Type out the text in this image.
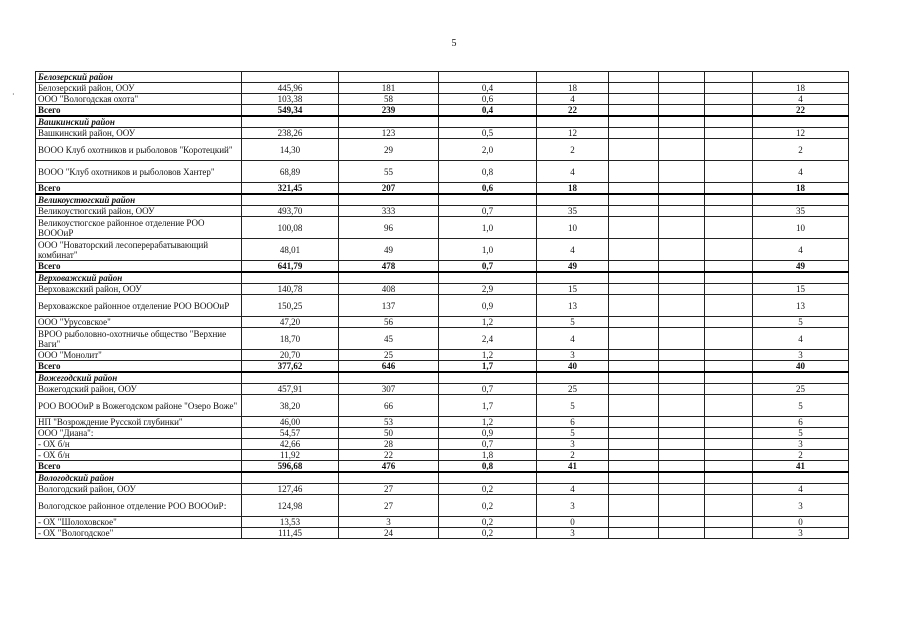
5
·
Белозерский район								
Белозерский район, ООУ	445,96	181	0,4	18				18
ООО "Вологодская охота"	103,38	58	0,6	4				4
Всего	549,34	239	0,4	22				22
Вашкинский район								
Вашкинский район, ООУ	238,26	123	0,5	12				12
ВООО Клуб охотников и рыболовов "Коротецкий"	14,30	29	2,0	2				2
ВООО "Клуб охотников и рыболовов Хантер"	68,89	55	0,8	4				4
Всего	321,45	207	0,6	18				18
Великоустюгский район								
Великоустюгский район, ООУ	493,70	333	0,7	35				35
Великоустюгское районное отделение РОО ВОООиР	100,08	96	1,0	10				10
ООО "Новаторский лесоперерабатывающий комбинат"	48,01	49	1,0	4				4
Всего	641,79	478	0,7	49				49
Верховажский район								
Верховажский район, ООУ	140,78	408	2,9	15				15
Верховажское районное отделение РОО ВОООиР	150,25	137	0,9	13				13
ООО "Урусовское"	47,20	56	1,2	5				5
ВРОО рыболовно-охотничье общество "Верхние Ваги"	18,70	45	2,4	4				4
ООО "Монолит"	20,70	25	1,2	3				3
Всего	377,62	646	1,7	40				40
Вожегодский район								
Вожегодский район, ООУ	457,91	307	0,7	25				25
РОО ВОООиР в Вожегодском районе "Озеро Воже"	38,20	66	1,7	5				5
НП "Возрождение Русской глубинки"	46,00	53	1,2	6				6
ООО "Диана":	54,57	50	0,9	5				5
- ОХ б/н	42,66	28	0,7	3				3
- ОХ б/н	11,92	22	1,8	2				2
Всего	596,68	476	0,8	41				41
Вологодский район								
Вологодский район, ООУ	127,46	27	0,2	4				4
Вологодское районное отделение РОО ВОООиР:	124,98	27	0,2	3				3
- ОХ "Шолоховское"	13,53	3	0,2	0				0
- ОХ "Вологодское"	111,45	24	0,2	3				3
